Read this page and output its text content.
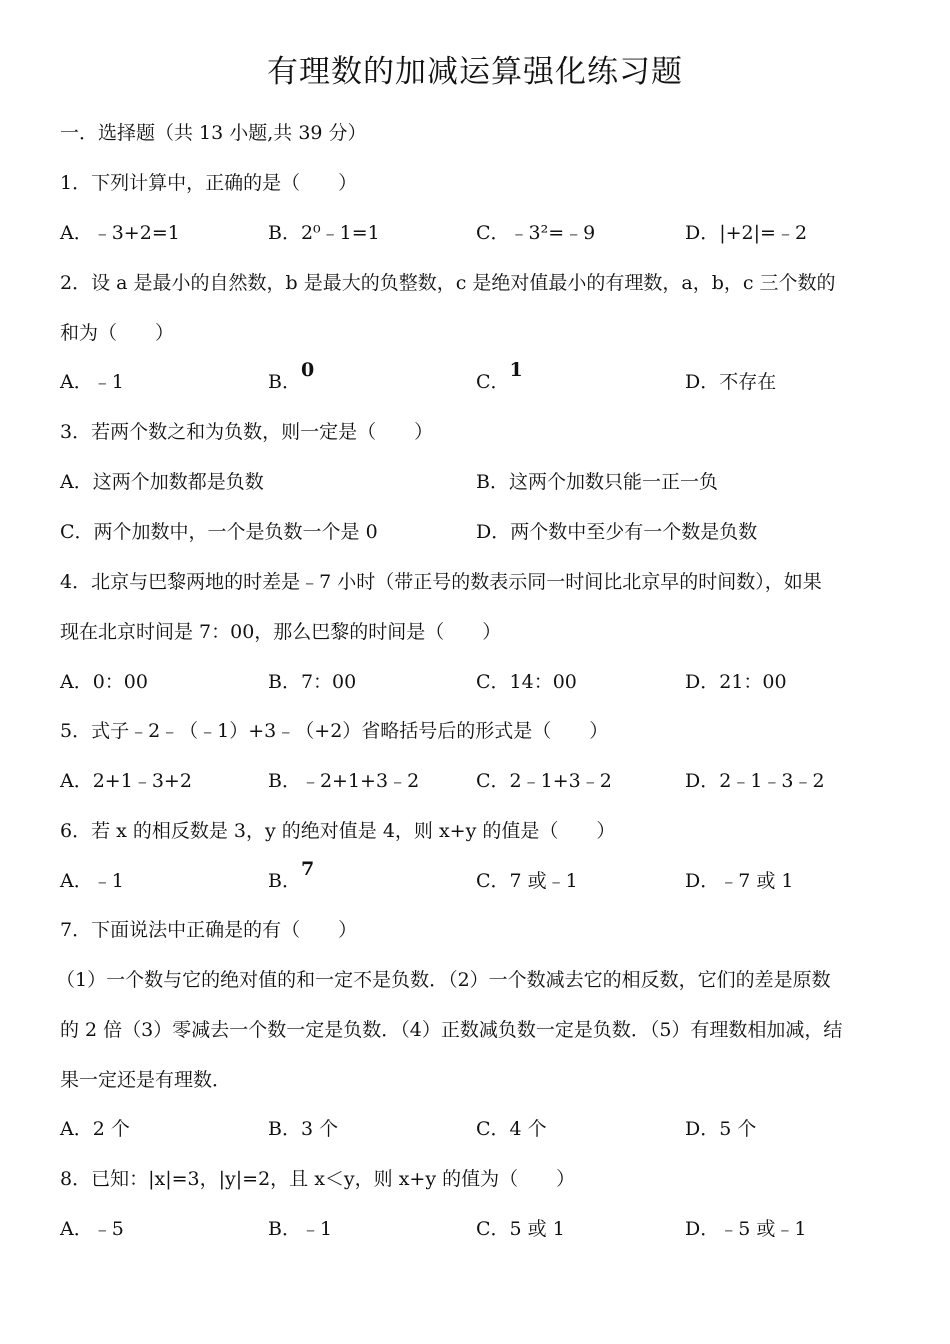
有理数的加减运算强化练习题
一．选择题（共 13 小题,共 39 分）
1．下列计算中，正确的是（　　）
A．﹣3+2=1	B．2⁰﹣1=1	C．﹣3²=﹣9	D．|+2|=﹣2
2．设 a 是最小的自然数，b 是最大的负整数，c 是绝对值最小的有理数，a，b，c 三个数的
和为（　　）
A．﹣1	B．0
C．1
D．不存在
3．若两个数之和为负数，则一定是（　　）
A．这两个加数都是负数	B．这两个加数只能一正一负
C．两个加数中，一个是负数一个是 0	D．两个数中至少有一个数是负数
4．北京与巴黎两地的时差是﹣7 小时（带正号的数表示同一时间比北京早的时间数），如果
现在北京时间是 7：00，那么巴黎的时间是（　　）
A．0：00	B．7：00	C．14：00	D．21：00
5．式子﹣2﹣（﹣1）+3﹣（+2）省略括号后的形式是（　　）
A．2+1﹣3+2	B．﹣2+1+3﹣2	C．2﹣1+3﹣2	D．2﹣1﹣3﹣2
6．若 x 的相反数是 3，y 的绝对值是 4，则 x+y 的值是（　　）
A．﹣1	B．7
C．7 或﹣1	D．﹣7 或 1
7．下面说法中正确是的有（　　）
（1）一个数与它的绝对值的和一定不是负数．（2）一个数减去它的相反数，它们的差是原数
的 2 倍（3）零减去一个数一定是负数．（4）正数减负数一定是负数．（5）有理数相加减，结
果一定还是有理数．
A．2 个	B．3 个	C．4 个	D．5 个
8．已知：|x|=3，|y|=2，且 x＜y，则 x+y 的值为（　　）
A．﹣5	B．﹣1	C．5 或 1	D．﹣5 或﹣1
